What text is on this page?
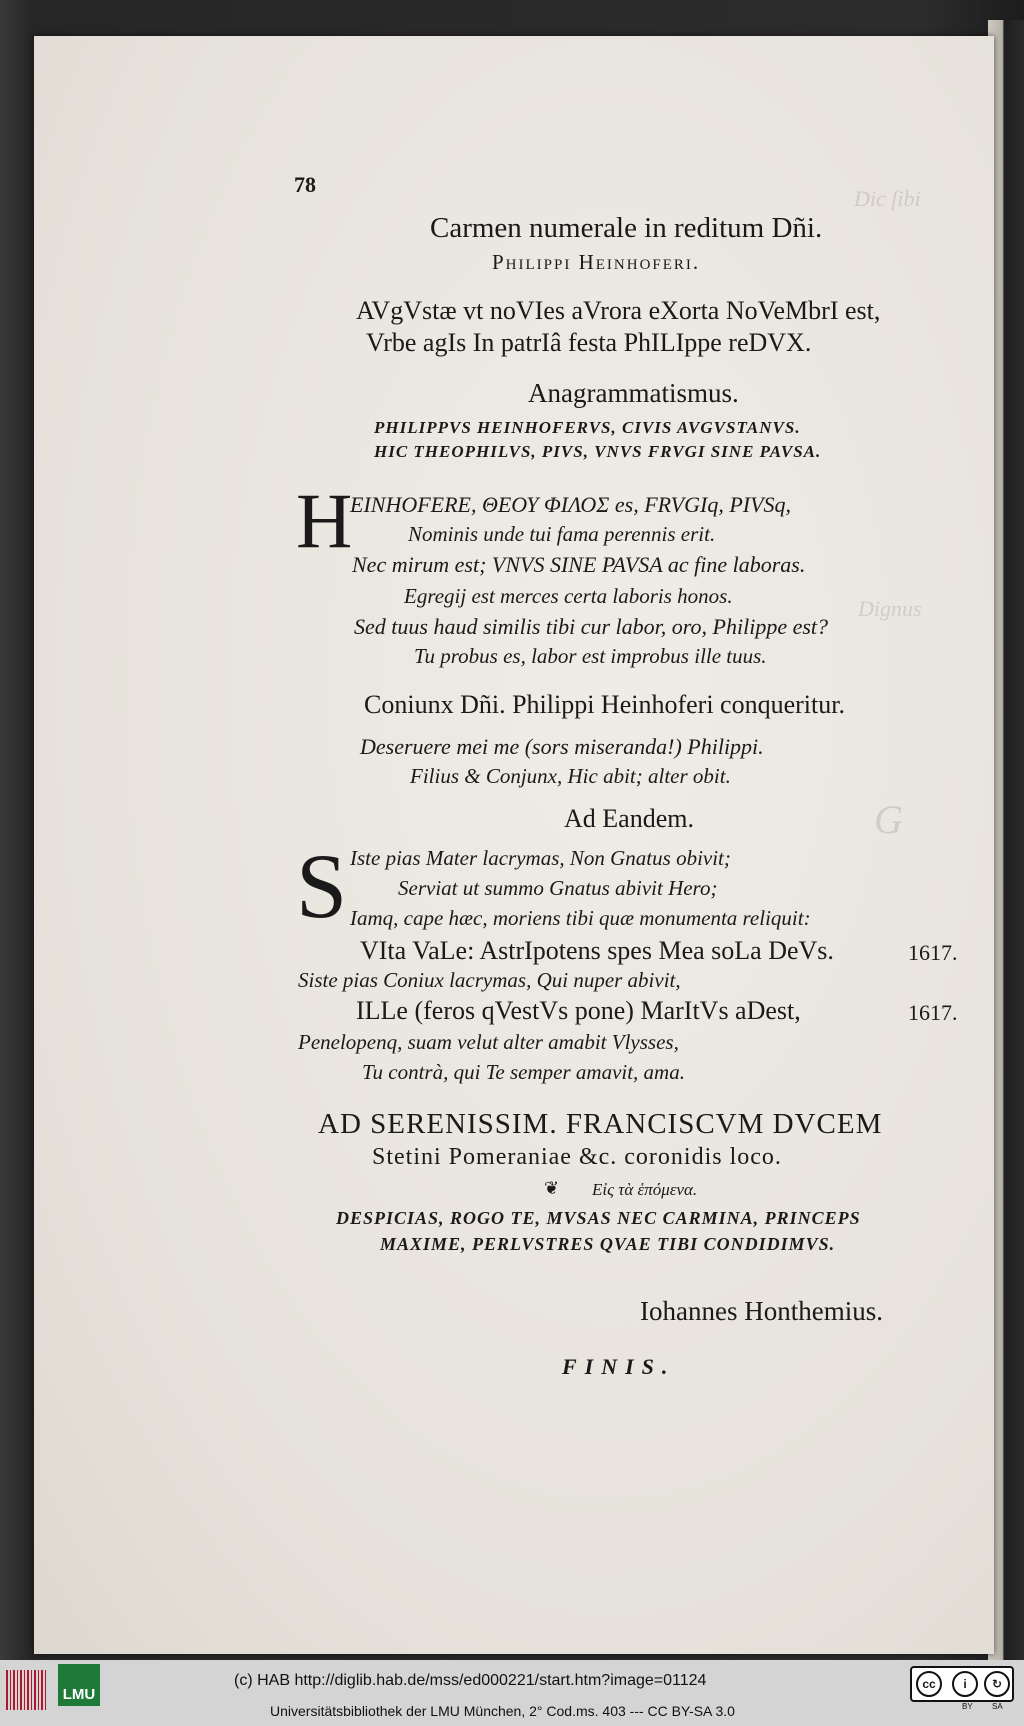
Dic ſibi
Dignus
G
78
Carmen numerale in reditum Dñi.
Philippi Heinhoferi.
AVgVstæ vt noVIes aVrora eXorta NoVeMbrI est,
Vrbe agIs In patrIâ festa PhILIppe reDVX.
Anagrammatismus.
PHILIPPVS HEINHOFERVS, CIVIS AVGVSTANVS.
HIC THEOPHILVS, PIVS, VNVS FRVGI SINE PAVSA.
H
EINHOFERE, ΘΕΟΥ ΦΙΛΟΣ es, FRVGIq, PIVSq,
Nominis unde tui fama perennis erit.
Nec mirum est; VNVS SINE PAVSA ac fine laboras.
Egregij est merces certa laboris honos.
Sed tuus haud similis tibi cur labor, oro, Philippe est?
Tu probus es, labor est improbus ille tuus.
Coniunx Dñi. Philippi Heinhoferi conqueritur.
Deseruere mei me (sors miseranda!) Philippi.
Filius & Conjunx, Hic abit; alter obit.
Ad Eandem.
S Iste pias Mater lacrymas, Non Gnatus obivit;
Serviat ut summo Gnatus abivit Hero;
Iamq, cape hæc, moriens tibi quæ monumenta reliquit:
VIta VaLe: AstrIpotens spes Mea soLa DeVs.	1617.
Siste pias Coniux lacrymas, Qui nuper abivit,
ILLe (feros qVestVs pone) MarItVs aDest,	1617.
Penelopenq, suam velut alter amabit Vlysses,
Tu contrà, qui Te semper amavit, ama.
AD SERENISSIM. FRANCISCVM DVCEM
Stetini Pomeraniae &c. coronidis loco.
❦ Εἰς τὰ ἑπόμενα.
DESPICIAS, ROGO TE, MVSAS NEC CARMINA, PRINCEPS
MAXIME, PERLVSTRES QVAE TIBI CONDIDIMVS.
Iohannes Honthemius.
FINIS.
LMU
(c) HAB http://diglib.hab.de/mss/ed000221/start.htm?image=01124
Universitätsbibliothek der LMU München, 2° Cod.ms. 403 --- CC BY-SA 3.0
cc	i	↻
BY SA
